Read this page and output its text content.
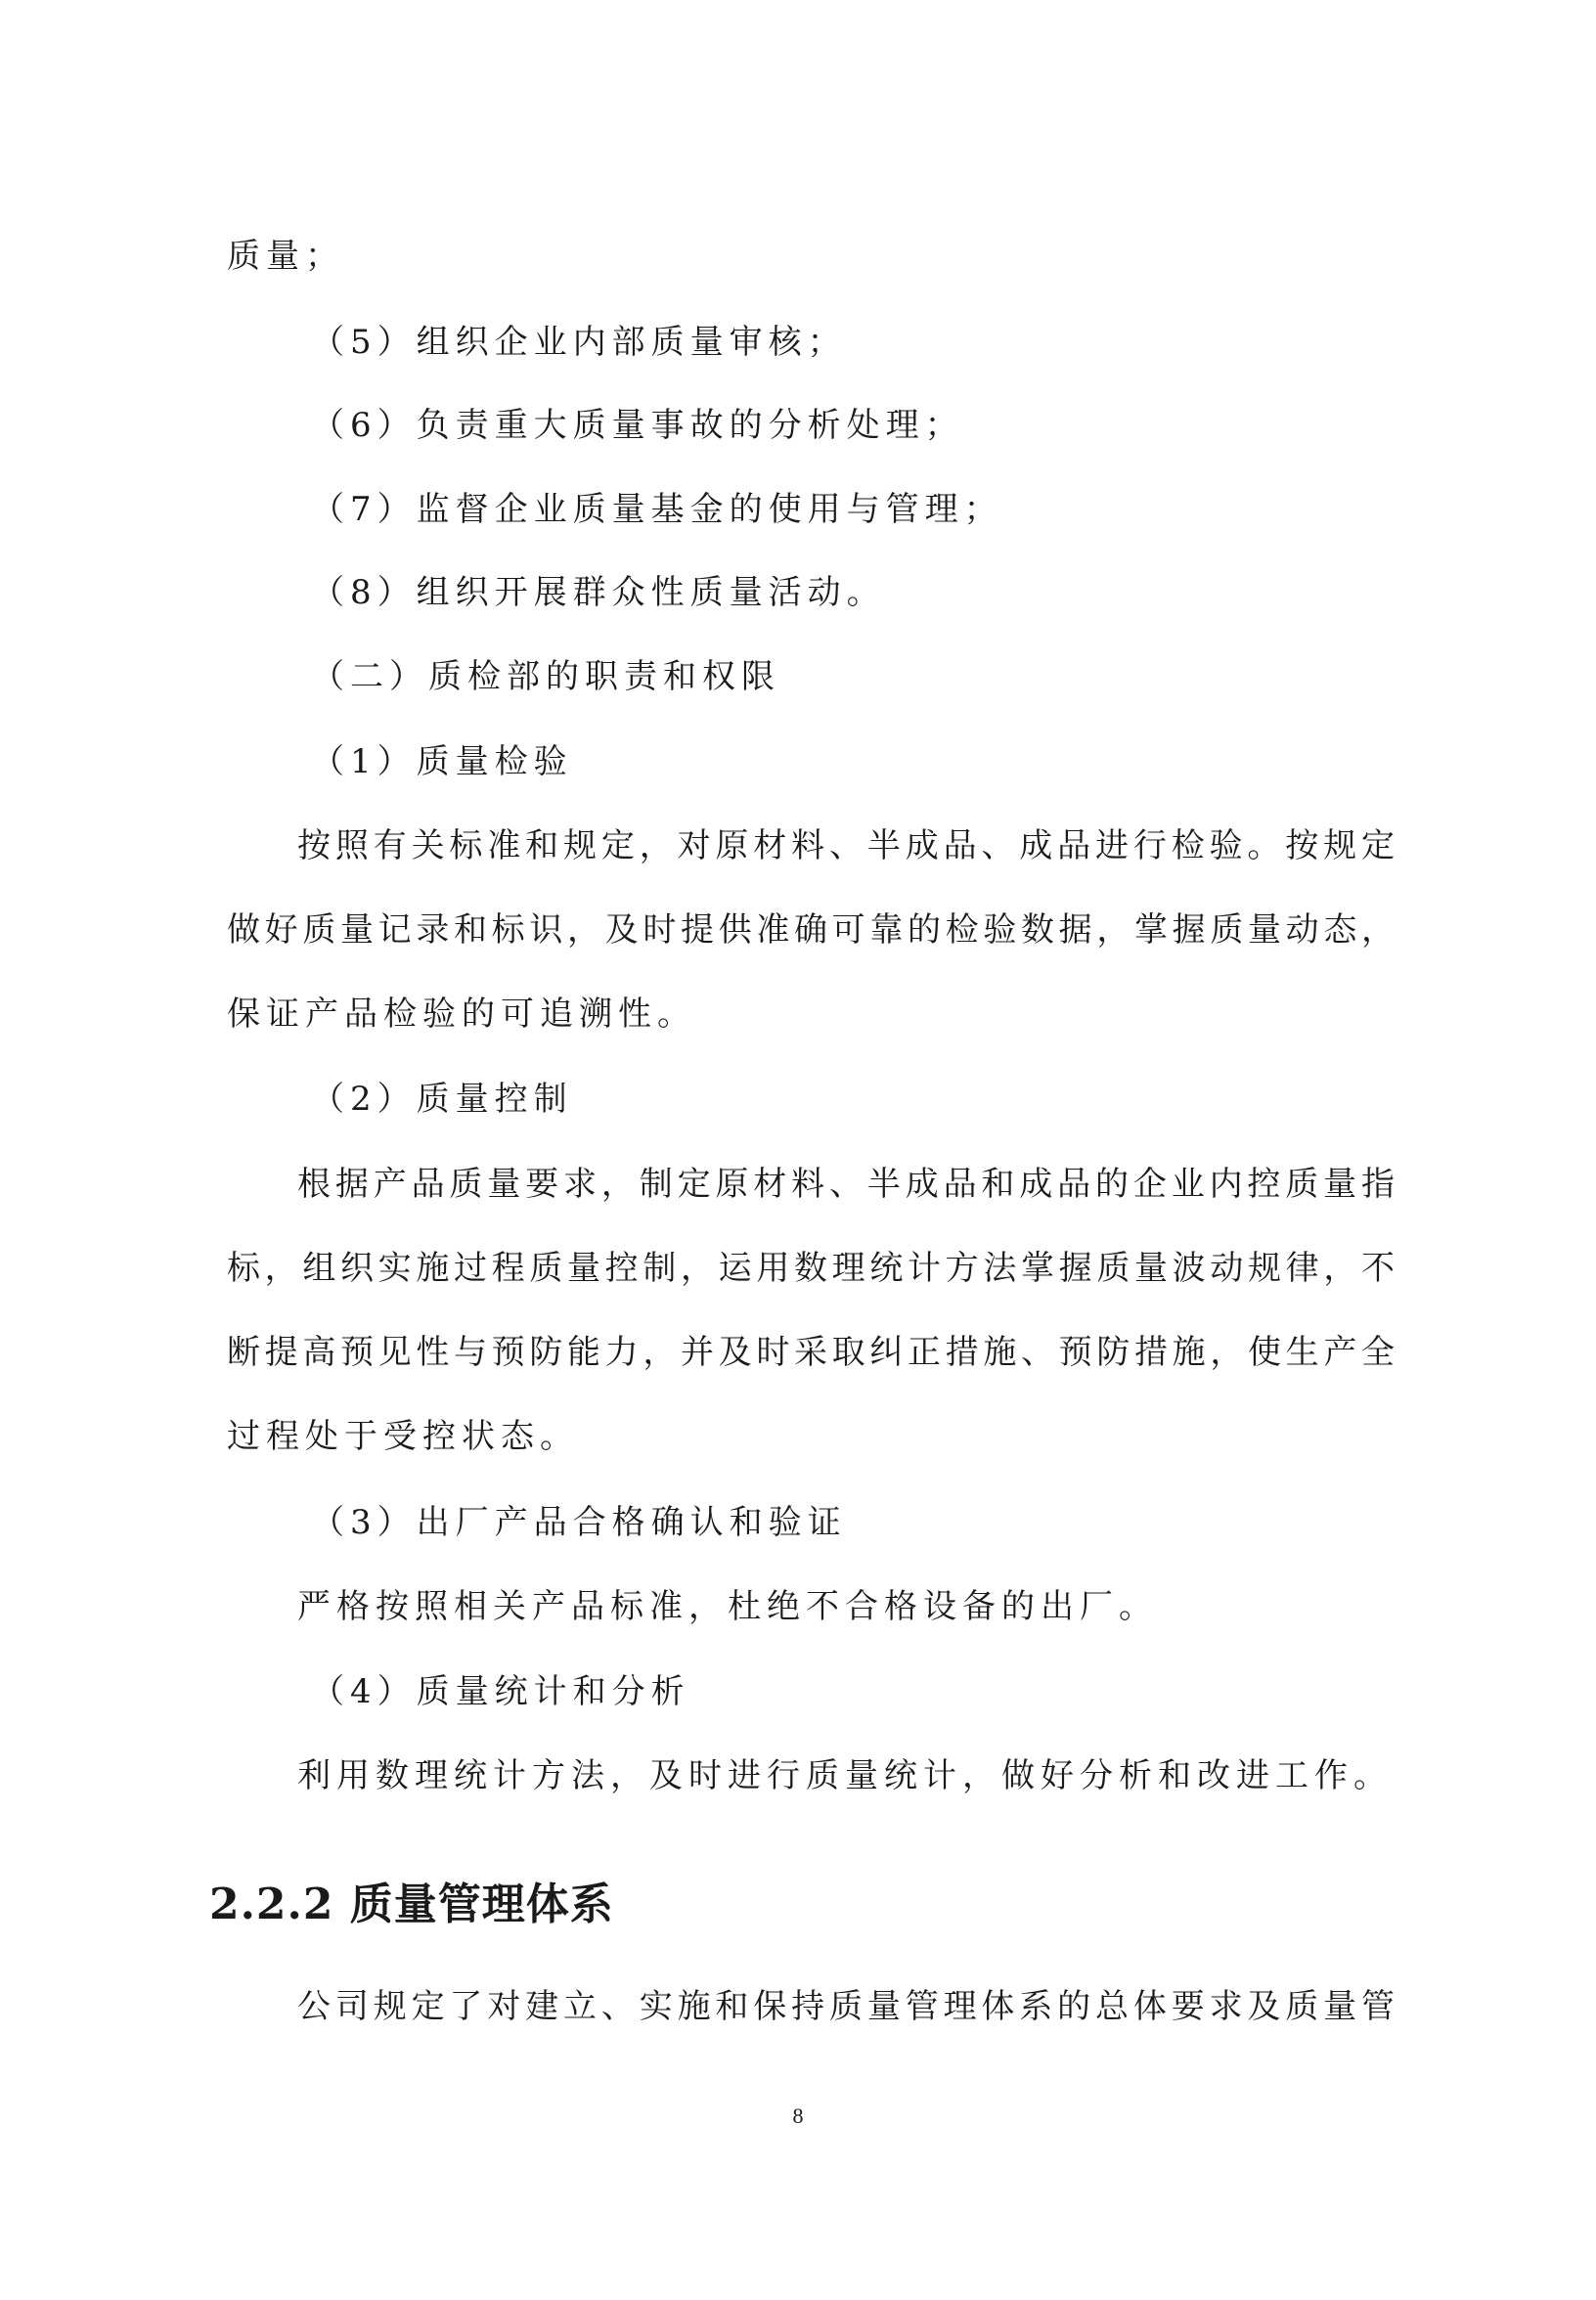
质量；
（5）组织企业内部质量审核；
（6）负责重大质量事故的分析处理；
（7）监督企业质量基金的使用与管理；
（8）组织开展群众性质量活动。
（二）质检部的职责和权限
（1）质量检验
按照有关标准和规定，对原材料、半成品、成品进行检验。按规定
做好质量记录和标识，及时提供准确可靠的检验数据，掌握质量动态，
保证产品检验的可追溯性。
（2）质量控制
根据产品质量要求，制定原材料、半成品和成品的企业内控质量指
标，组织实施过程质量控制，运用数理统计方法掌握质量波动规律，不
断提高预见性与预防能力，并及时采取纠正措施、预防措施，使生产全
过程处于受控状态。
（3）出厂产品合格确认和验证
严格按照相关产品标准，杜绝不合格设备的出厂。
（4）质量统计和分析
利用数理统计方法，及时进行质量统计，做好分析和改进工作。
2.2.2 质量管理体系
公司规定了对建立、实施和保持质量管理体系的总体要求及质量管
8
